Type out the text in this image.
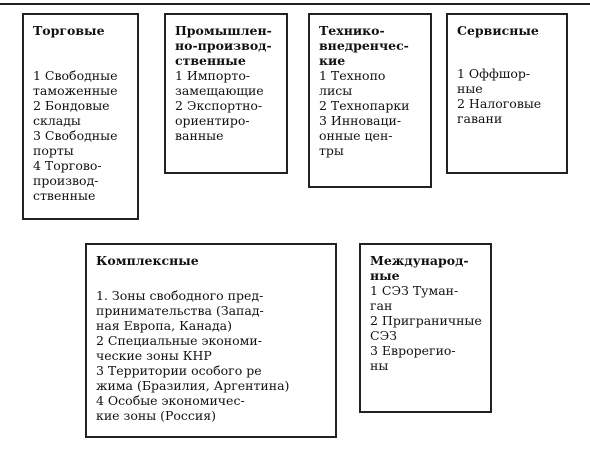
Торговые

1 Свободные

таможенные

2 Бондовые

склады

3 Свободные

порты

4 Торгово-

производ-

ственные

Промышлен-

но-производ-

ственные

1 Импорто-

замещающие

2 Экспортно-

ориентиро-

ванные

Технико-

внедренчес-

кие

1 Технопо

лисы

2 Технопарки

3 Инноваци-

онные цен-

тры

Сервисные

1 Оффшор-

ные

2 Налоговые

гавани

Комплексные

1. Зоны свободного пред-

принимательства (Запад-

ная Европа, Канада)

2 Специальные экономи-

ческие зоны КНР

3 Территории особого ре

жима (Бразилия, Аргентина)

4 Особые экономичес-

кие зоны (Россия)

Международ-

ные

1 СЭЗ Туман-

ган

2 Приграничные

СЭЗ

3 Еврорегио-

ны
